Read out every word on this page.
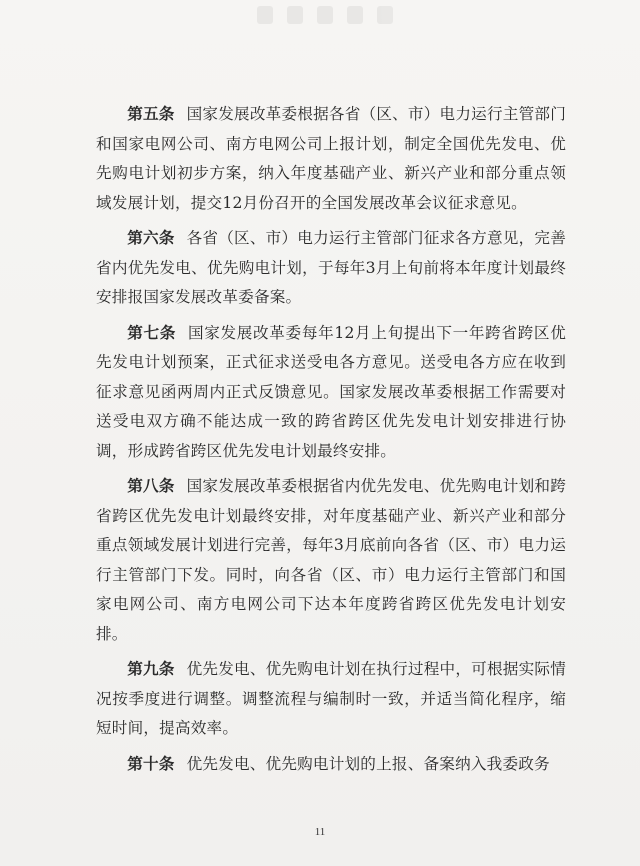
第五条 国家发展改革委根据各省（区、市）电力运行主管部门和国家电网公司、南方电网公司上报计划，制定全国优先发电、优先购电计划初步方案，纳入年度基础产业、新兴产业和部分重点领域发展计划，提交12月份召开的全国发展改革会议征求意见。

第六条 各省（区、市）电力运行主管部门征求各方意见，完善省内优先发电、优先购电计划，于每年3月上旬前将本年度计划最终安排报国家发展改革委备案。

第七条 国家发展改革委每年12月上旬提出下一年跨省跨区优先发电计划预案，正式征求送受电各方意见。送受电各方应在收到征求意见函两周内正式反馈意见。国家发展改革委根据工作需要对送受电双方确不能达成一致的跨省跨区优先发电计划安排进行协调，形成跨省跨区优先发电计划最终安排。

第八条 国家发展改革委根据省内优先发电、优先购电计划和跨省跨区优先发电计划最终安排，对年度基础产业、新兴产业和部分重点领域发展计划进行完善，每年3月底前向各省（区、市）电力运行主管部门下发。同时，向各省（区、市）电力运行主管部门和国家电网公司、南方电网公司下达本年度跨省跨区优先发电计划安排。

第九条 优先发电、优先购电计划在执行过程中，可根据实际情况按季度进行调整。调整流程与编制时一致，并适当简化程序，缩短时间，提高效率。

第十条 优先发电、优先购电计划的上报、备案纳入我委政务

11
